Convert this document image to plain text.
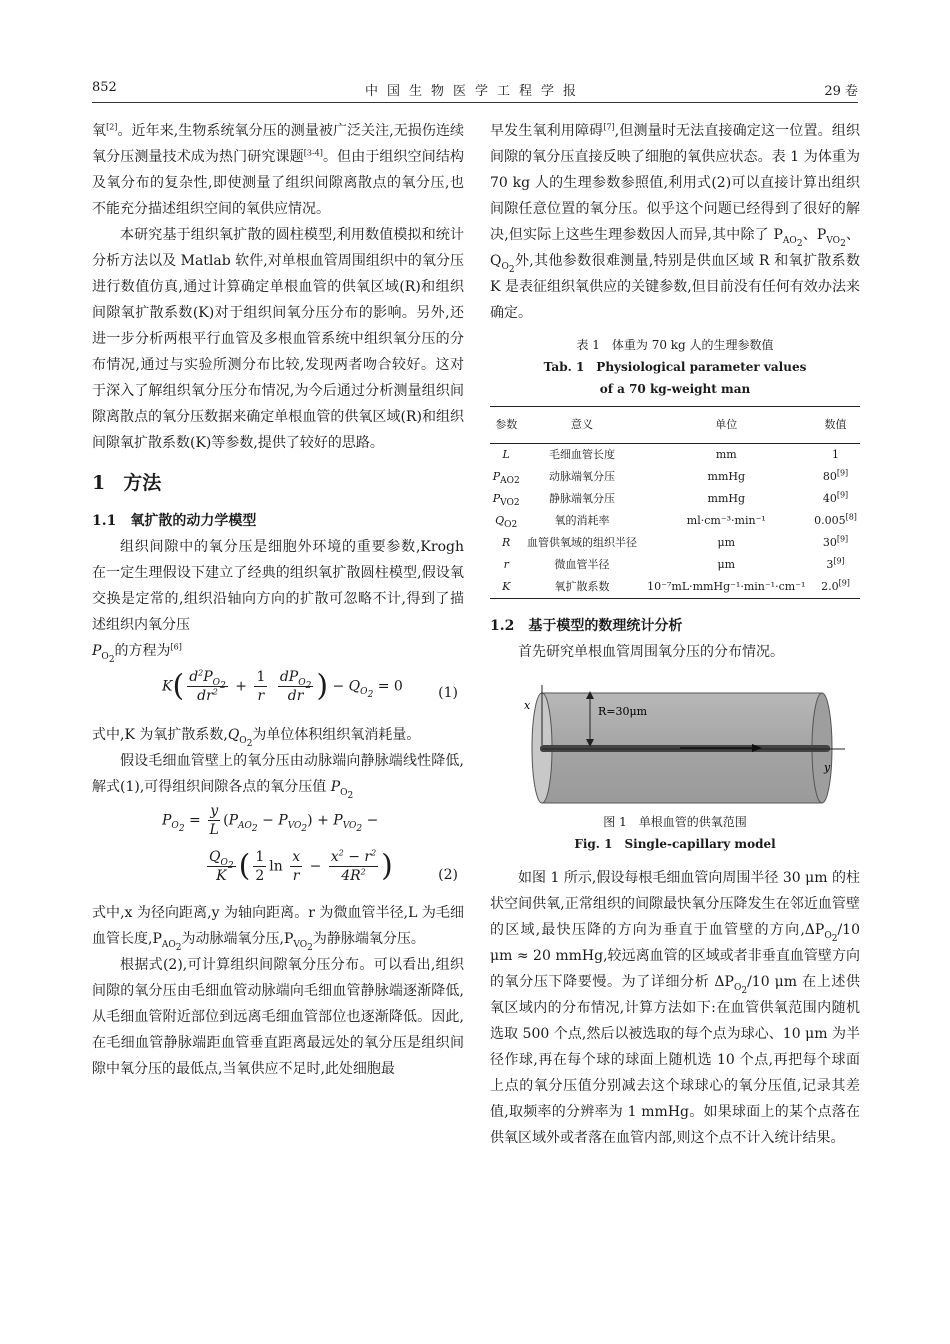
852	中国生物医学工程学报	29 卷

氧[2]。近年来,生物系统氧分压的测量被广泛关注,无损伤连续氧分压测量技术成为热门研究课题[3-4]。但由于组织空间结构及氧分布的复杂性,即使测量了组织间隙离散点的氧分压,也不能充分描述组织空间的氧供应情况。

本研究基于组织氧扩散的圆柱模型,利用数值模拟和统计分析方法以及 Matlab 软件,对单根血管周围组织中的氧分压进行数值仿真,通过计算确定单根血管的供氧区域(R)和组织间隙氧扩散系数(K)对于组织间氧分压分布的影响。另外,还进一步分析两根平行血管及多根血管系统中组织氧分压的分布情况,通过与实验所测分布比较,发现两者吻合较好。这对于深入了解组织氧分压分布情况,为今后通过分析测量组织间隙离散点的氧分压数据来确定单根血管的供氧区域(R)和组织间隙氧扩散系数(K)等参数,提供了较好的思路。

1 方法
1.1 氧扩散的动力学模型

组织间隙中的氧分压是细胞外环境的重要参数,Krogh 在一定生理假设下建立了经典的组织氧扩散圆柱模型,假设氧交换是定常的,组织沿轴向方向的扩散可忽略不计,得到了描述组织内氧分压
$P_{O_2}$的方程为[6]

$K( \frac{d^2P_{O_2}}{dr^2} + \frac{1}{r}$
$\frac{dP_{O_2}}{dr}$ ) − $Q_{O_2} = 0$	(1)

式中,K 为氧扩散系数$,Q_{O_2}$为单位体积组织氧消耗量。

假设毛细血管壁上的氧分压由动脉端向静脉端线性降低,解式(1),可得组织间隙各点的氧分压值 $P_{O_2}$

$P_{O_2} = \frac{y}{L} (P_{AO_2} - P_{VO_2}) + P_{VO_2}$ −
$\frac{Q_{O_2}}{K}$ ( $\frac{1}{2}$ $\ln \frac{x}{r} - \frac{x^2 - r^2}{4R^2}$ )	(2)

式中,x 为径向距离,y 为轴向距离。r 为微血管半径,L 为毛细血管长度$,P_{AO_2}$为动脉端氧分压$,P_{VO_2}$为静脉端氧分压。

根据式(2),可计算组织间隙氧分压分布。可以看出,组织间隙的氧分压由毛细血管动脉端向毛细血管静脉端逐渐降低,从毛细血管附近部位到远离毛细血管部位也逐渐降低。因此,在毛细血管静脉端距血管垂直距离最远处的氧分压是组织间隙中氧分压的最低点,当氧供应不足时,此处细胞最

早发生氧利用障碍[7],但测量时无法直接确定这一位置。组织间隙的氧分压直接反映了细胞的氧供应状态。表 1 为体重为 70 kg 人的生理参数参照值,利用式(2)可以直接计算出组织间隙任意位置的氧分压。似乎这个问题已经得到了很好的解决,但实际上这些生理参数因人而异,其中除了 $P_{AO_2}$、$P_{VO_2}$、$Q_{O_2}$外,其他参数很难测量,特别是供血区域 R 和氧扩散系数 K 是表征组织氧供应的关键参数,但目前没有任何有效办法来确定。

表 1　体重为 70 kg 人的生理参数值
Tab. 1　Physiological parameter values
of a 70 kg-weight man
参数	意义	单位	数值
L	毛细血管长度	mm	1
$P_{AO2}$	动脉端氧分压	mmHg	80[9]
$P_{VO2}$	静脉端氧分压	mmHg	40[9]
$Q_{O2}$	氧的消耗率	ml·cm⁻³·min⁻¹	0.005[8]
R	血管供氧域的组织半径	μm	30[9]
r	微血管半径	μm	3[9]
K	氧扩散系数	10⁻⁷mL·mmHg⁻¹·min⁻¹·cm⁻¹	2.0[9]
1.2 基于模型的数理统计分析

首先研究单根血管周围氧分压的分布情况。

x
y
R=30μm
图 1　单根血管的供氧范围
Fig. 1　Single-capillary model

如图 1 所示,假设每根毛细血管向周围半径 30 μm 的柱状空间供氧,正常组织的间隙最快氧分压降发生在邻近血管壁的区域,最快压降的方向为垂直于血管壁的方向$,\Delta P_{O_2}/10$ μm ≈ 20 mmHg,较远离血管的区域或者非垂直血管壁方向的氧分压下降要慢。为了详细分析 $\Delta P_{O_2}/10$ μm 在上述供氧区域内的分布情况,计算方法如下:在血管供氧范围内随机选取 500 个点,然后以被选取的每个点为球心、10 μm 为半径作球,再在每个球的球面上随机选 10 个点,再把每个球面上点的氧分压值分别减去这个球球心的氧分压值,记录其差值,取频率的分辨率为 1 mmHg。如果球面上的某个点落在供氧区域外或者落在血管内部,则这个点不计入统计结果。
